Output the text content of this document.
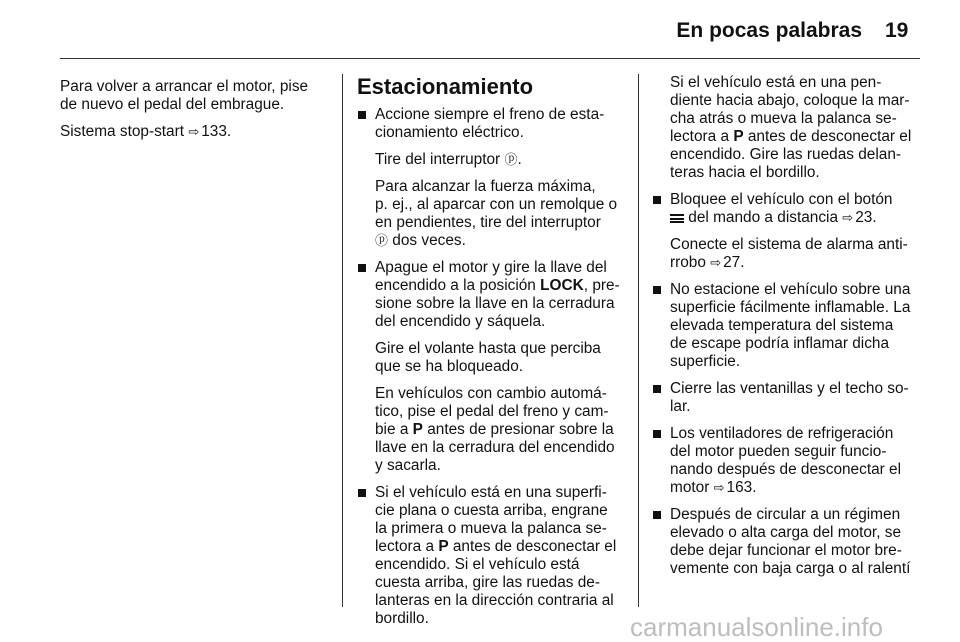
En pocas palabras 19

Para volver a arrancar el motor, pise
de nuevo el pedal del embrague.

Sistema stop-start ⇨ 133.

Estacionamiento
Accione siempre el freno de esta-
cionamiento eléctrico.
Tire del interruptor ⓟ.
Para alcanzar la fuerza máxima,
p. ej., al aparcar con un remolque o
en pendientes, tire del interruptor
ⓟ dos veces.
Apague el motor y gire la llave del
encendido a la posición LOCK, pre-
sione sobre la llave en la cerradura
del encendido y sáquela.
Gire el volante hasta que perciba
que se ha bloqueado.
En vehículos con cambio automá-
tico, pise el pedal del freno y cam-
bie a P antes de presionar sobre la
llave en la cerradura del encendido
y sacarla.
Si el vehículo está en una superfi-
cie plana o cuesta arriba, engrane
la primera o mueva la palanca se-
lectora a P antes de desconectar el
encendido. Si el vehículo está
cuesta arriba, gire las ruedas de-
lanteras en la dirección contraria al
bordillo.
Si el vehículo está en una pen-
diente hacia abajo, coloque la mar-
cha atrás o mueva la palanca se-
lectora a P antes de desconectar el
encendido. Gire las ruedas delan-
teras hacia el bordillo.
Bloquee el vehículo con el botón
del mando a distancia ⇨ 23.
Conecte el sistema de alarma anti-
rrobo ⇨ 27.
No estacione el vehículo sobre una
superficie fácilmente inflamable. La
elevada temperatura del sistema
de escape podría inflamar dicha
superficie.
Cierre las ventanillas y el techo so-
lar.
Los ventiladores de refrigeración
del motor pueden seguir funcio-
nando después de desconectar el
motor ⇨ 163.
Después de circular a un régimen
elevado o alta carga del motor, se
debe dejar funcionar el motor bre-
vemente con baja carga o al ralentí
carmanualsonline.info
